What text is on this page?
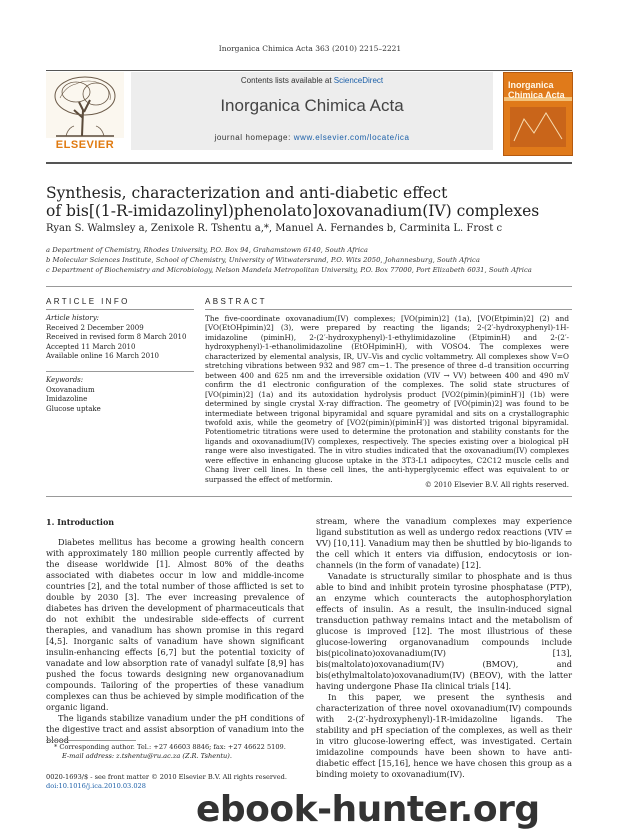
Inorganica Chimica Acta 363 (2010) 2215–2221
ELSEVIER
Contents lists available at ScienceDirect
Inorganica Chimica Acta
journal homepage: www.elsevier.com/locate/ica
Inorganica Chimica Acta
Synthesis, characterization and anti-diabetic effect
of bis[(1-R-imidazolinyl)phenolato]oxovanadium(IV) complexes
Ryan S. Walmsley a, Zenixole R. Tshentu a,*, Manuel A. Fernandes b, Carminita L. Frost c
a Department of Chemistry, Rhodes University, P.O. Box 94, Grahamstown 6140, South Africa
b Molecular Sciences Institute, School of Chemistry, University of Witwatersrand, P.O. Wits 2050, Johannesburg, South Africa
c Department of Biochemistry and Microbiology, Nelson Mandela Metropolitan University, P.O. Box 77000, Port Elizabeth 6031, South Africa
ARTICLE INFO
Article history:
Received 2 December 2009
Received in revised form 8 March 2010
Accepted 11 March 2010
Available online 16 March 2010
Keywords:
Oxovanadium
Imidazoline
Glucose uptake
ABSTRACT
The five-coordinate oxovanadium(IV) complexes; [VO(pimin)2] (1a), [VO(Etpimin)2] (2) and [VO(EtOHpimin)2] (3), were prepared by reacting the ligands; 2-(2′-hydroxyphenyl)-1H-imidazoline (piminH), 2-(2′-hydroxyphenyl)-1-ethylimidazoline (EtpiminH) and 2-(2′-hydroxyphenyl)-1-ethanolimidazoline (EtOHpiminH), with VOSO4. The complexes were characterized by elemental analysis, IR, UV–Vis and cyclic voltammetry. All complexes show V=O stretching vibrations between 932 and 987 cm−1. The presence of three d–d transition occurring between 400 and 625 nm and the irreversible oxidation (VIV → VV) between 400 and 490 mV confirm the d1 electronic configuration of the complexes. The solid state structures of [VO(pimin)2] (1a) and its autoxidation hydrolysis product [VO2(pimin)(piminH′)] (1b) were determined by single crystal X-ray diffraction. The geometry of [VO(pimin)2] was found to be intermediate between trigonal bipyramidal and square pyramidal and sits on a crystallographic twofold axis, while the geometry of [VO2(pimin)(piminH′)] was distorted trigonal bipyramidal. Potentiometric titrations were used to determine the protonation and stability constants for the ligands and oxovanadium(IV) complexes, respectively. The species existing over a biological pH range were also investigated. The in vitro studies indicated that the oxovanadium(IV) complexes were effective in enhancing glucose uptake in the 3T3-L1 adipocytes, C2C12 muscle cells and Chang liver cell lines. In these cell lines, the anti-hyperglycemic effect was equivalent to or surpassed the effect of metformin.
© 2010 Elsevier B.V. All rights reserved.
1. Introduction

Diabetes mellitus has become a growing health concern with approximately 180 million people currently affected by the disease worldwide [1]. Almost 80% of the deaths associated with diabetes occur in low and middle-income countries [2], and the total number of those afflicted is set to double by 2030 [3]. The ever increasing prevalence of diabetes has driven the development of pharmaceuticals that do not exhibit the undesirable side-effects of current therapies, and vanadium has shown promise in this regard [4,5]. Inorganic salts of vanadium have shown significant insulin-enhancing effects [6,7] but the potential toxicity of vanadate and low absorption rate of vanadyl sulfate [8,9] has pushed the focus towards designing new organovanadium compounds. Tailoring of the properties of these vanadium complexes can thus be achieved by simple modification of the organic ligand.

The ligands stabilize vanadium under the pH conditions of the digestive tract and assist absorption of vanadium into the blood

stream, where the vanadium complexes may experience ligand substitution as well as undergo redox reactions (VIV ⇌ VV) [10,11]. Vanadium may then be shuttled by bio-ligands to the cell which it enters via diffusion, endocytosis or ion-channels (in the form of vanadate) [12].

Vanadate is structurally similar to phosphate and is thus able to bind and inhibit protein tyrosine phosphatase (PTP), an enzyme which counteracts the autophosphorylation effects of insulin. As a result, the insulin-induced signal transduction pathway remains intact and the metabolism of glucose is improved [12]. The most illustrious of these glucose-lowering organovanadium compounds include bis(picolinato)oxovanadium(IV) [13], bis(maltolato)oxovanadium(IV) (BMOV), and bis(ethylmaltolato)oxovanadium(IV) (BEOV), with the latter having undergone Phase IIa clinical trials [14].

In this paper, we present the synthesis and characterization of three novel oxovanadium(IV) compounds with 2-(2′-hydroxyphenyl)-1R-imidazoline ligands. The stability and pH speciation of the complexes, as well as their in vitro glucose-lowering effect, was investigated. Certain imidazoline compounds have been shown to have anti-diabetic effect [15,16], hence we have chosen this group as a binding moiety to oxovanadium(IV).

* Corresponding author. Tel.: +27 46603 8846; fax: +27 46622 5109.
E-mail address: z.tshentu@ru.ac.za (Z.R. Tshentu).
0020-1693/$ - see front matter © 2010 Elsevier B.V. All rights reserved.
doi:10.1016/j.ica.2010.03.028
ebook-hunter.org
